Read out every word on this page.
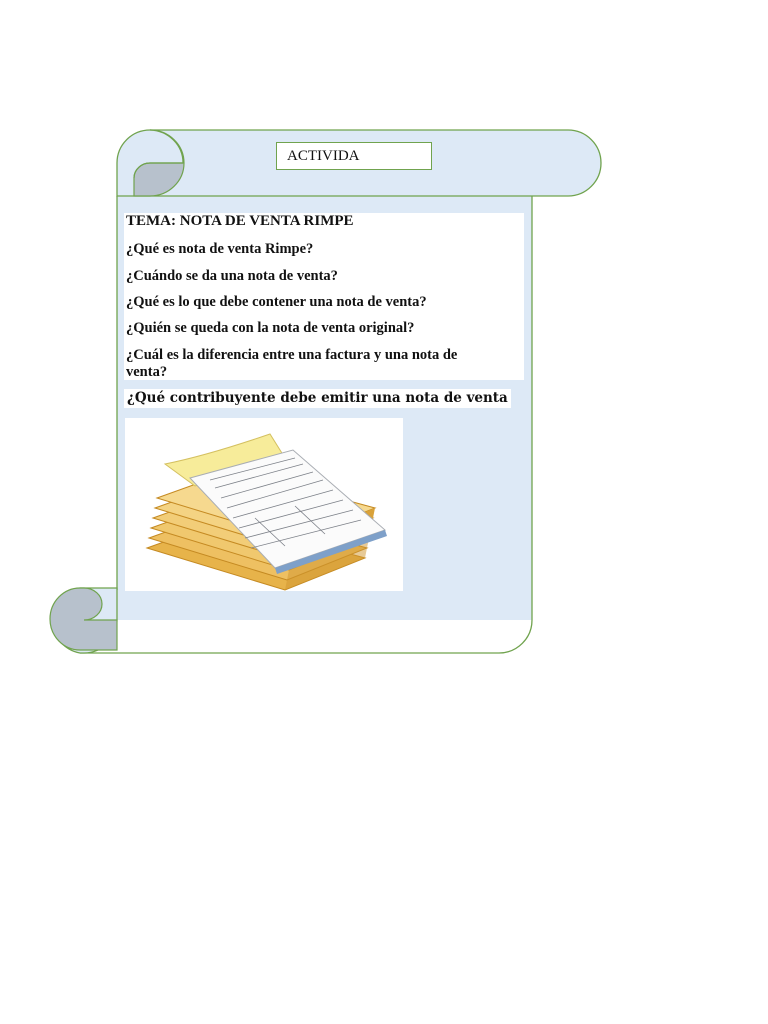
ACTIVIDA
TEMA: NOTA DE VENTA RIMPE
¿Qué es nota de venta Rimpe?
¿Cuándo se da una nota de venta?
¿Qué es lo que debe contener una nota de venta?
¿Quién se queda con la nota de venta original?
¿Cuál es la diferencia entre una factura y una nota de
venta?
¿Qué contribuyente debe emitir una nota de venta
